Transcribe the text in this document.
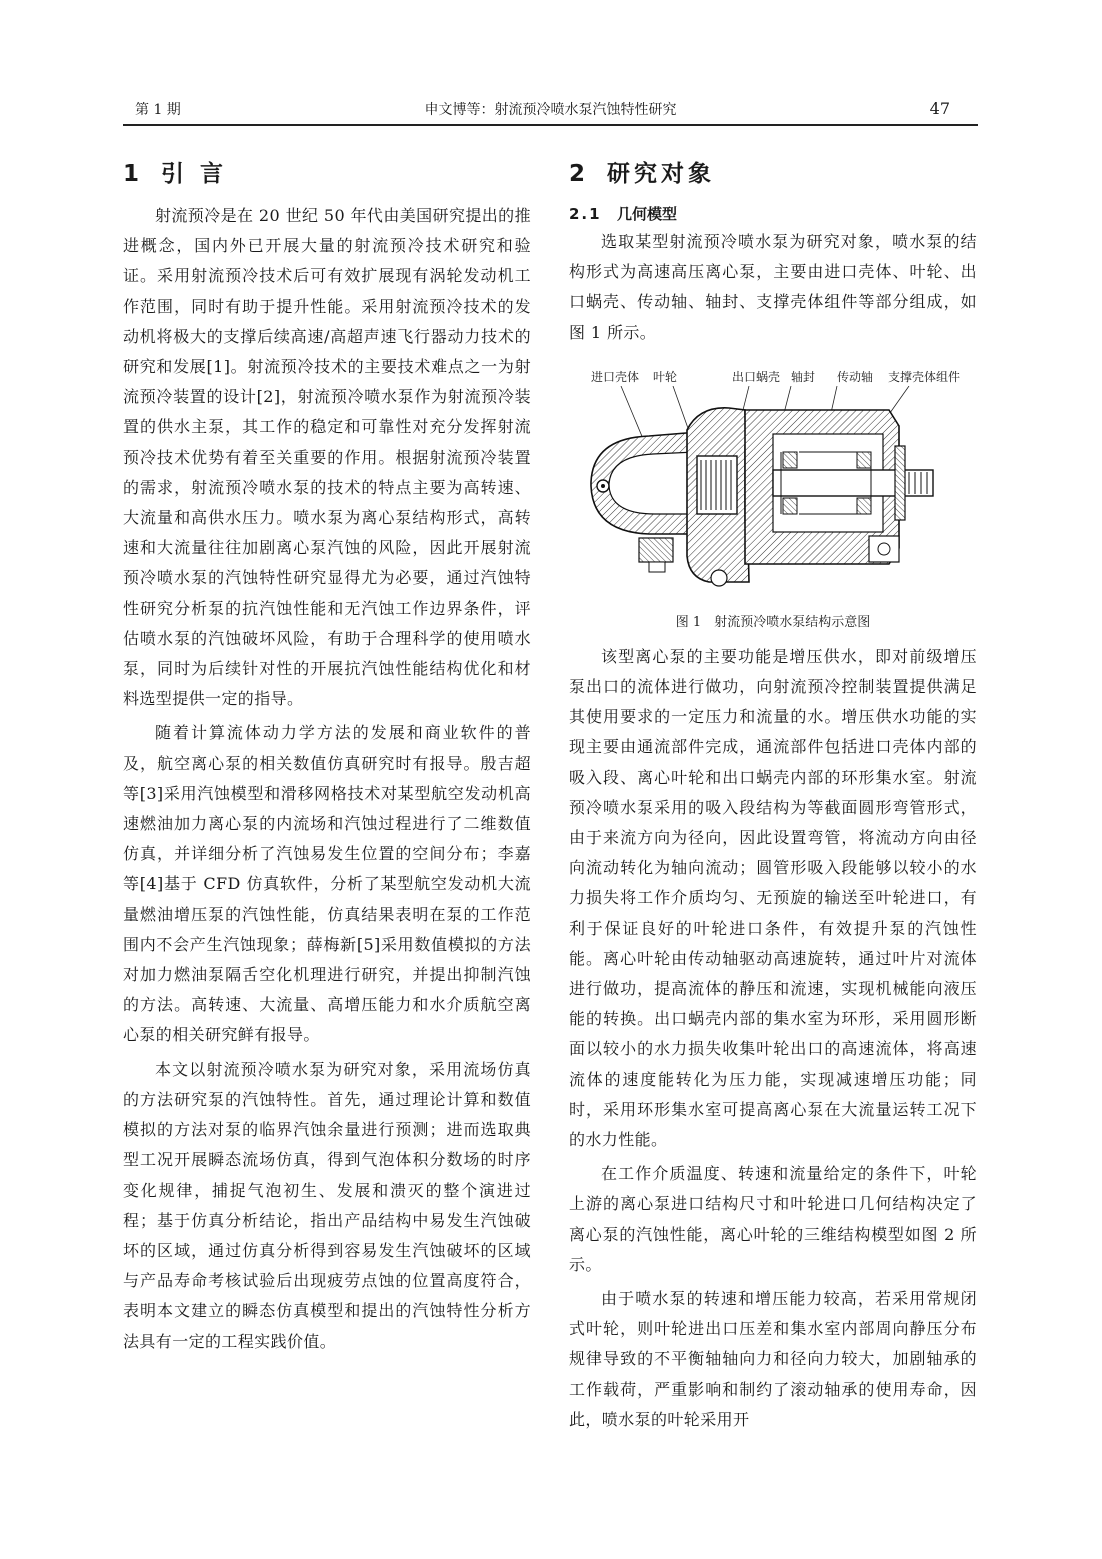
第 1 期	申文博等：射流预冷喷水泵汽蚀特性研究	47
1 引 言

射流预冷是在 20 世纪 50 年代由美国研究提出的推进概念，国内外已开展大量的射流预冷技术研究和验证。采用射流预冷技术后可有效扩展现有涡轮发动机工作范围，同时有助于提升性能。采用射流预冷技术的发动机将极大的支撑后续高速/高超声速飞行器动力技术的研究和发展[1]。射流预冷技术的主要技术难点之一为射流预冷装置的设计[2]，射流预冷喷水泵作为射流预冷装置的供水主泵，其工作的稳定和可靠性对充分发挥射流预冷技术优势有着至关重要的作用。根据射流预冷装置的需求，射流预冷喷水泵的技术的特点主要为高转速、大流量和高供水压力。喷水泵为离心泵结构形式，高转速和大流量往往加剧离心泵汽蚀的风险，因此开展射流预冷喷水泵的汽蚀特性研究显得尤为必要，通过汽蚀特性研究分析泵的抗汽蚀性能和无汽蚀工作边界条件，评估喷水泵的汽蚀破坏风险，有助于合理科学的使用喷水泵，同时为后续针对性的开展抗汽蚀性能结构优化和材料选型提供一定的指导。

随着计算流体动力学方法的发展和商业软件的普及，航空离心泵的相关数值仿真研究时有报导。殷吉超等[3]采用汽蚀模型和滑移网格技术对某型航空发动机高速燃油加力离心泵的内流场和汽蚀过程进行了二维数值仿真，并详细分析了汽蚀易发生位置的空间分布；李嘉等[4]基于 CFD 仿真软件，分析了某型航空发动机大流量燃油增压泵的汽蚀性能，仿真结果表明在泵的工作范围内不会产生汽蚀现象；薛梅新[5]采用数值模拟的方法对加力燃油泵隔舌空化机理进行研究，并提出抑制汽蚀的方法。高转速、大流量、高增压能力和水介质航空离心泵的相关研究鲜有报导。

本文以射流预冷喷水泵为研究对象，采用流场仿真的方法研究泵的汽蚀特性。首先，通过理论计算和数值模拟的方法对泵的临界汽蚀余量进行预测；进而选取典型工况开展瞬态流场仿真，得到气泡体积分数场的时序变化规律，捕捉气泡初生、发展和溃灭的整个演进过程；基于仿真分析结论，指出产品结构中易发生汽蚀破坏的区域，通过仿真分析得到容易发生汽蚀破坏的区域与产品寿命考核试验后出现疲劳点蚀的位置高度符合，表明本文建立的瞬态仿真模型和提出的汽蚀特性分析方法具有一定的工程实践价值。

2 研究对象
2.1 几何模型

选取某型射流预冷喷水泵为研究对象，喷水泵的结构形式为高速高压离心泵，主要由进口壳体、叶轮、出口蜗壳、传动轴、轴封、支撑壳体组件等部分组成，如图 1 所示。

进口壳体 叶轮	出口蜗壳 轴封 传动轴 支撑壳体组件
图 1　射流预冷喷水泵结构示意图

该型离心泵的主要功能是增压供水，即对前级增压泵出口的流体进行做功，向射流预冷控制装置提供满足其使用要求的一定压力和流量的水。增压供水功能的实现主要由通流部件完成，通流部件包括进口壳体内部的吸入段、离心叶轮和出口蜗壳内部的环形集水室。射流预冷喷水泵采用的吸入段结构为等截面圆形弯管形式，由于来流方向为径向，因此设置弯管，将流动方向由径向流动转化为轴向流动；圆管形吸入段能够以较小的水力损失将工作介质均匀、无预旋的输送至叶轮进口，有利于保证良好的叶轮进口条件，有效提升泵的汽蚀性能。离心叶轮由传动轴驱动高速旋转，通过叶片对流体进行做功，提高流体的静压和流速，实现机械能向液压能的转换。出口蜗壳内部的集水室为环形，采用圆形断面以较小的水力损失收集叶轮出口的高速流体，将高速流体的速度能转化为压力能，实现减速增压功能；同时，采用环形集水室可提高离心泵在大流量运转工况下的水力性能。

在工作介质温度、转速和流量给定的条件下，叶轮上游的离心泵进口结构尺寸和叶轮进口几何结构决定了离心泵的汽蚀性能，离心叶轮的三维结构模型如图 2 所示。

由于喷水泵的转速和增压能力较高，若采用常规闭式叶轮，则叶轮进出口压差和集水室内部周向静压分布规律导致的不平衡轴轴向力和径向力较大，加剧轴承的工作载荷，严重影响和制约了滚动轴承的使用寿命，因此，喷水泵的叶轮采用开
